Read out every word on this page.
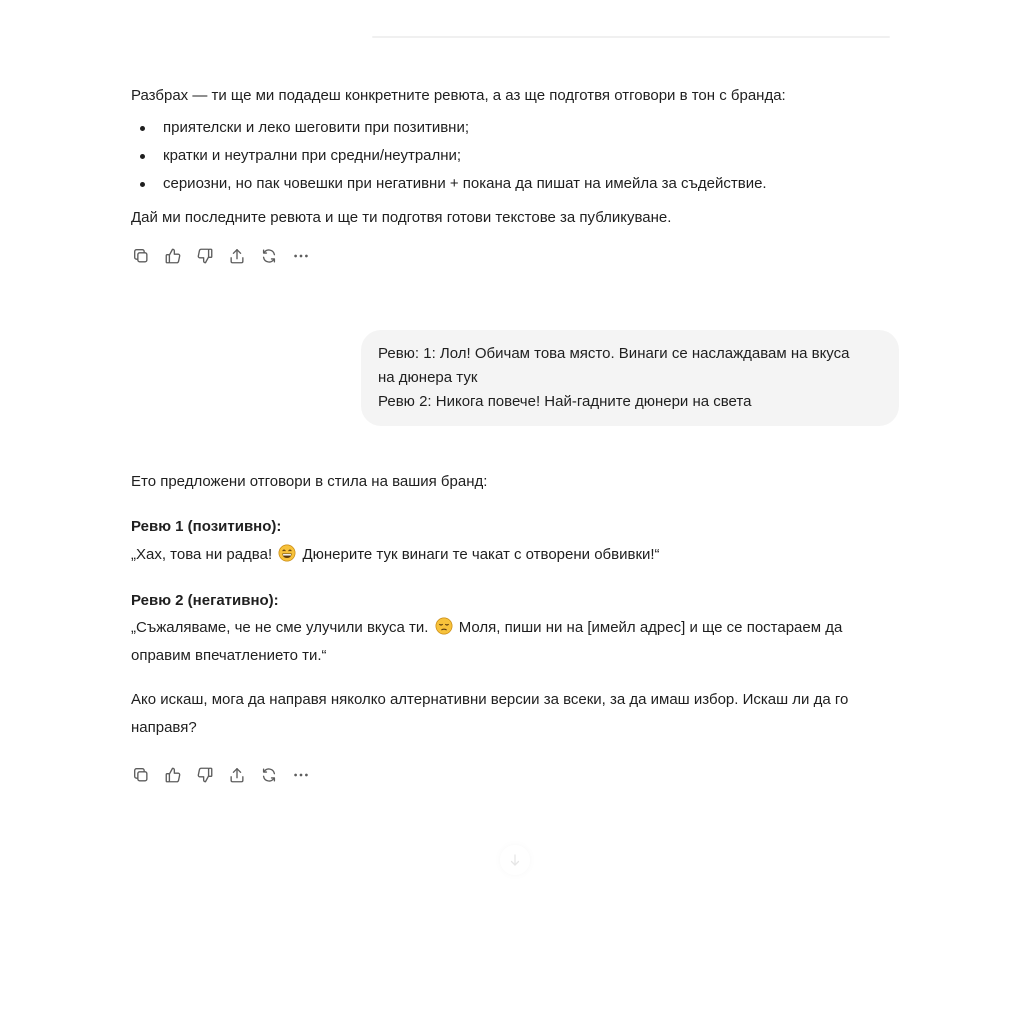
Разбрах — ти ще ми подадеш конкретните ревюта, а аз ще подготвя отговори в тон с бранда:

приятелски и леко шеговити при позитивни;
кратки и неутрални при средни/неутрални;
сериозни, но пак човешки при негативни + покана да пишат на имейла за съдействие.

Дай ми последните ревюта и ще ти подготвя готови текстове за публикуване.

Ревю: 1: Лол! Обичам това място. Винаги се наслаждавам на вкуса
на дюнера тук
Ревю 2: Никога повече! Най-гадните дюнери на света

Ето предложени отговори в стила на вашия бранд:

Ревю 1 (позитивно):

„Хах, това ни радва! Дюнерите тук винаги те чакат с отворени обвивки!“

Ревю 2 (негативно):

„Съжаляваме, че не сме улучили вкуса ти. Моля, пиши ни на [имейл адрес] и ще се постараем да
оправим впечатлението ти.“

Ако искаш, мога да направя няколко алтернативни версии за всеки, за да имаш избор. Искаш ли да го
направя?
